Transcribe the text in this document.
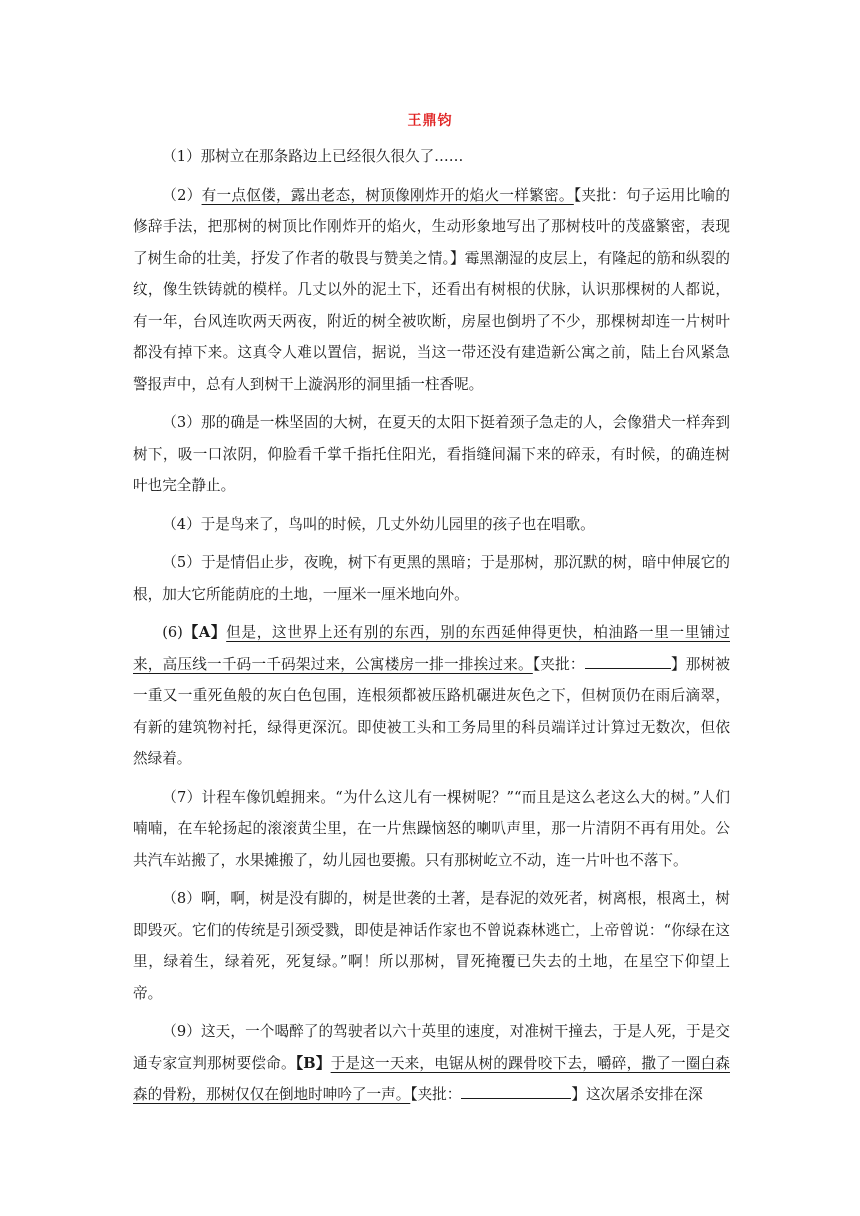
王鼎钧

（1）那树立在那条路边上已经很久很久了……

（2）有一点伛偻，露出老态，树顶像刚炸开的焰火一样繁密。【夹批：句子运用比喻的修辞手法，把那树的树顶比作刚炸开的焰火，生动形象地写出了那树枝叶的茂盛繁密，表现了树生命的壮美，抒发了作者的敬畏与赞美之情。】霉黑潮湿的皮层上，有隆起的筋和纵裂的纹，像生铁铸就的模样。几丈以外的泥土下，还看出有树根的伏脉，认识那棵树的人都说，有一年，台风连吹两天两夜，附近的树全被吹断，房屋也倒坍了不少，那棵树却连一片树叶都没有掉下来。这真令人难以置信，据说，当这一带还没有建造新公寓之前，陆上台风紧急警报声中，总有人到树干上漩涡形的洞里插一柱香呢。

（3）那的确是一株坚固的大树，在夏天的太阳下挺着颈子急走的人，会像猎犬一样奔到树下，吸一口浓阴，仰脸看千掌千指托住阳光，看指缝间漏下来的碎汞，有时候，的确连树叶也完全静止。

（4）于是鸟来了，鸟叫的时候，几丈外幼儿园里的孩子也在唱歌。

（5）于是情侣止步，夜晚，树下有更黑的黑暗；于是那树，那沉默的树，暗中伸展它的根，加大它所能荫庇的土地，一厘米一厘米地向外。

(6)【A】但是，这世界上还有别的东西，别的东西延伸得更快，柏油路一里一里铺过来，高压线一千码一千码架过来，公寓楼房一排一排挨过来。【夹批：	】那树被一重又一重死鱼般的灰白色包围，连根须都被压路机碾进灰色之下，但树顶仍在雨后滴翠，有新的建筑物衬托，绿得更深沉。即使被工头和工务局里的科员端详过计算过无数次，但依然绿着。

（7）计程车像饥蝗拥来。“为什么这儿有一棵树呢？”“而且是这么老这么大的树。”人们喃喃，在车轮扬起的滚滚黄尘里，在一片焦躁恼怒的喇叭声里，那一片清阴不再有用处。公共汽车站搬了，水果摊搬了，幼儿园也要搬。只有那树屹立不动，连一片叶也不落下。

（8）啊，啊，树是没有脚的，树是世袭的土著，是春泥的效死者，树离根，根离土，树即毁灭。它们的传统是引颈受戮，即使是神话作家也不曾说森林逃亡，上帝曾说：“你绿在这里，绿着生，绿着死，死复绿。”啊！所以那树，冒死掩覆已失去的土地，在星空下仰望上帝。

（9）这天，一个喝醉了的驾驶者以六十英里的速度，对准树干撞去，于是人死，于是交通专家宣判那树要偿命。【B】于是这一天来，电锯从树的踝骨咬下去，嚼碎，撒了一圈白森森的骨粉，那树仅仅在倒地时呻吟了一声。【夹批：	】这次屠杀安排在深
